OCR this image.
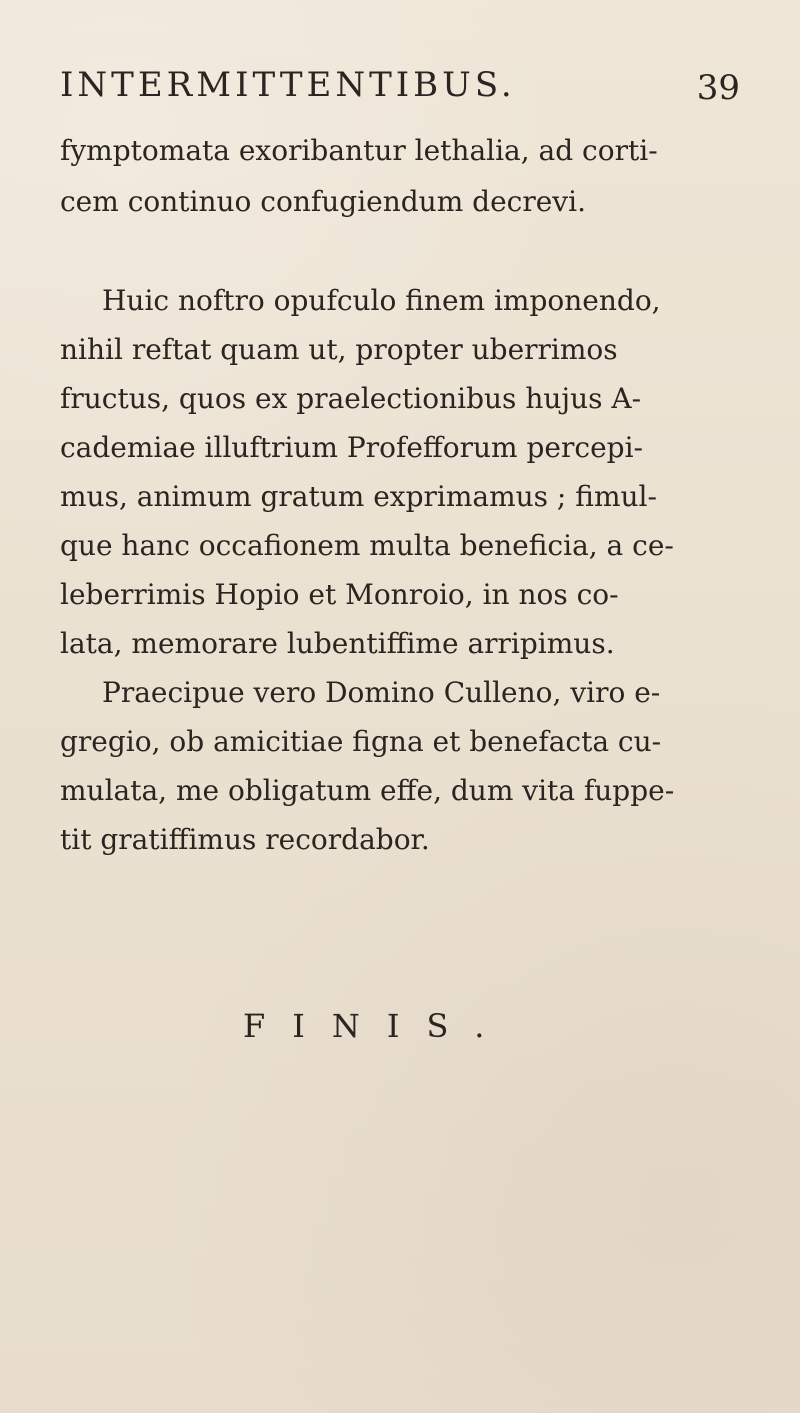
INTERMITTENTIBUS.	39
fymptomata exoribantur lethalia, ad corti-
cem continuo confugiendum decrevi.
Huic noftro opufculo finem imponendo,
nihil reftat quam ut, propter uberrimos
fructus, quos ex praelectionibus hujus A-
cademiae illuftrium Profefforum percepi-
mus, animum gratum exprimamus ; fimul-
que hanc occafionem multa beneficia, a ce-
leberrimis Hopio et Monroio, in nos co-
lata, memorare lubentiffime arripimus.
Praecipue vero Domino Culleno, viro e-
gregio, ob amicitiae figna et benefacta cu-
mulata, me obligatum effe, dum vita fuppe-
tit gratiffimus recordabor.
FINIS.
